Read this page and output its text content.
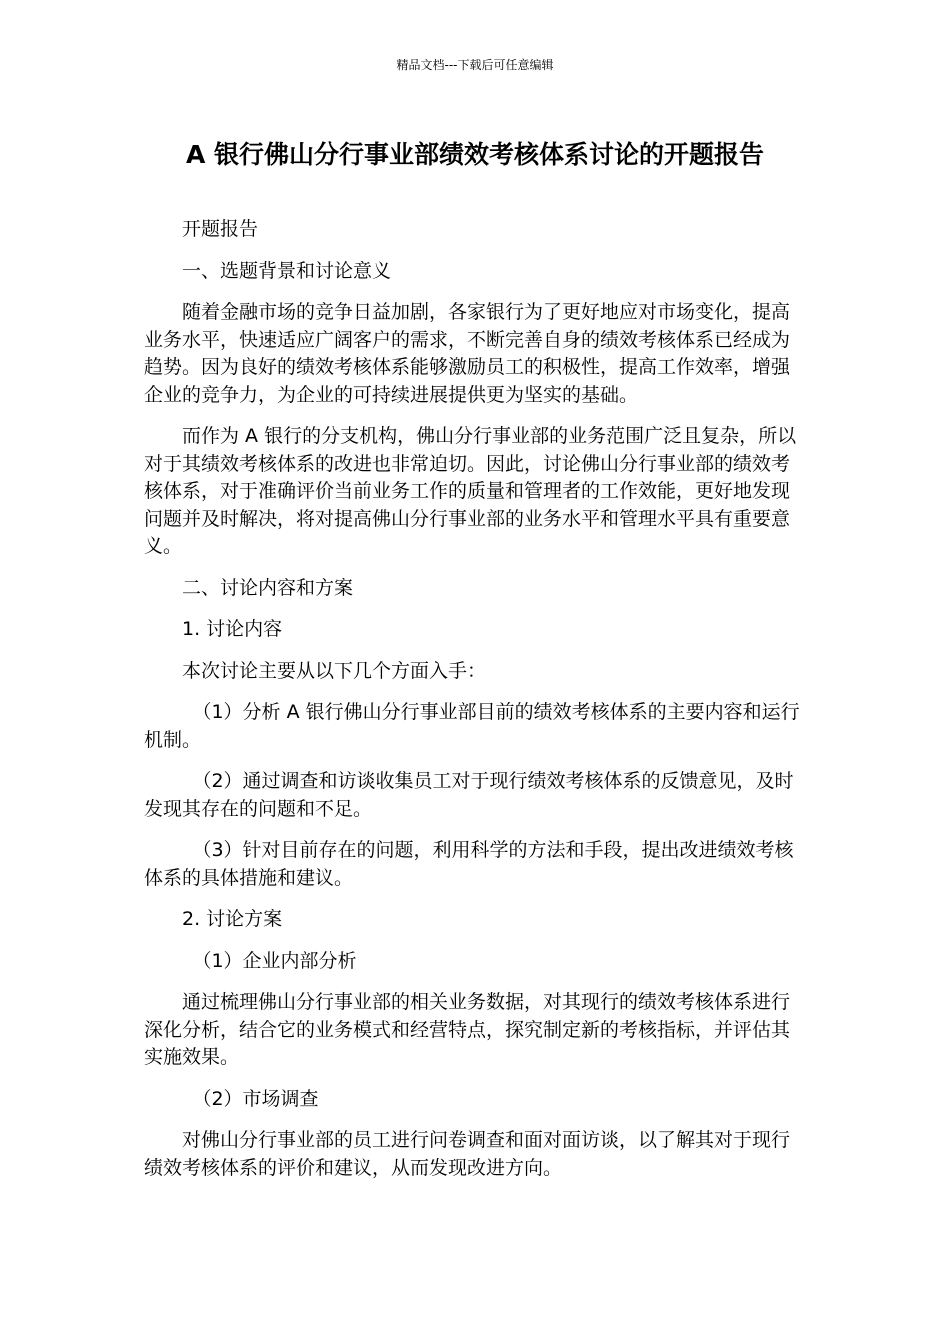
精品文档---下载后可任意编辑
A 银行佛山分行事业部绩效考核体系讨论的开题报告

开题报告

一、选题背景和讨论意义

随着金融市场的竞争日益加剧，各家银行为了更好地应对市场变化，提高业务水平，快速适应广阔客户的需求，不断完善自身的绩效考核体系已经成为趋势。因为良好的绩效考核体系能够激励员工的积极性，提高工作效率，增强企业的竞争力，为企业的可持续进展提供更为坚实的基础。

而作为 A 银行的分支机构，佛山分行事业部的业务范围广泛且复杂，所以对于其绩效考核体系的改进也非常迫切。因此，讨论佛山分行事业部的绩效考核体系，对于准确评价当前业务工作的质量和管理者的工作效能，更好地发现问题并及时解决，将对提高佛山分行事业部的业务水平和管理水平具有重要意义。

二、讨论内容和方案

1. 讨论内容

本次讨论主要从以下几个方面入手：

（1）分析 A 银行佛山分行事业部目前的绩效考核体系的主要内容和运行机制。

（2）通过调查和访谈收集员工对于现行绩效考核体系的反馈意见，及时发现其存在的问题和不足。

（3）针对目前存在的问题，利用科学的方法和手段，提出改进绩效考核体系的具体措施和建议。

2. 讨论方案

（1）企业内部分析

通过梳理佛山分行事业部的相关业务数据，对其现行的绩效考核体系进行深化分析，结合它的业务模式和经营特点，探究制定新的考核指标，并评估其实施效果。

（2）市场调查

对佛山分行事业部的员工进行问卷调查和面对面访谈，以了解其对于现行绩效考核体系的评价和建议，从而发现改进方向。
